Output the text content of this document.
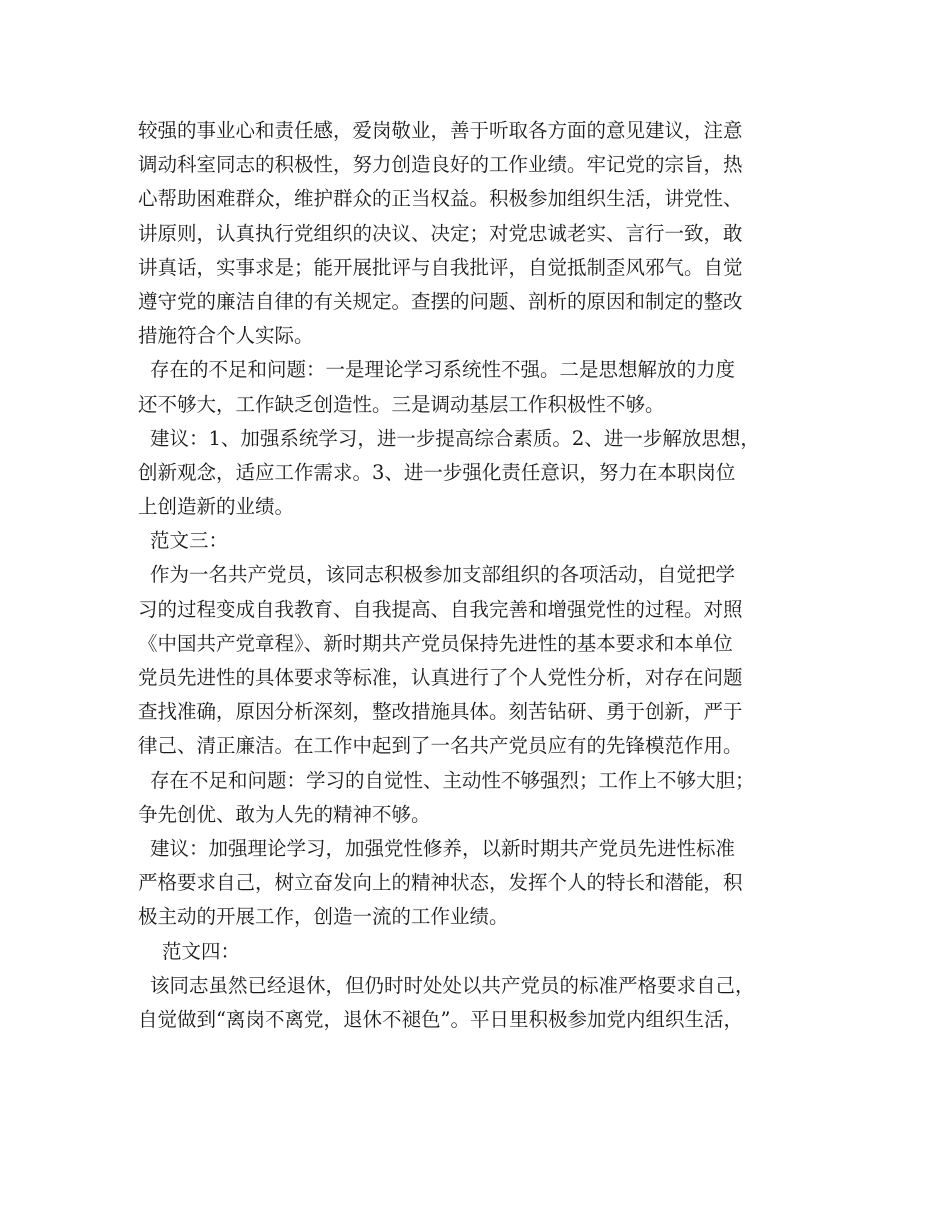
较强的事业心和责任感，爱岗敬业，善于听取各方面的意见建议，注意
调动科室同志的积极性，努力创造良好的工作业绩。牢记党的宗旨，热
心帮助困难群众，维护群众的正当权益。积极参加组织生活，讲党性、
讲原则，认真执行党组织的决议、决定；对党忠诚老实、言行一致，敢
讲真话，实事求是；能开展批评与自我批评，自觉抵制歪风邪气。自觉
遵守党的廉洁自律的有关规定。查摆的问题、剖析的原因和制定的整改
措施符合个人实际。
存在的不足和问题：一是理论学习系统性不强。二是思想解放的力度
还不够大，工作缺乏创造性。三是调动基层工作积极性不够。
建议：1、加强系统学习，进一步提高综合素质。2、进一步解放思想，
创新观念，适应工作需求。3、进一步强化责任意识，努力在本职岗位
上创造新的业绩。
范文三：
作为一名共产党员，该同志积极参加支部组织的各项活动，自觉把学
习的过程变成自我教育、自我提高、自我完善和增强党性的过程。对照
《中国共产党章程》、新时期共产党员保持先进性的基本要求和本单位
党员先进性的具体要求等标准，认真进行了个人党性分析，对存在问题
查找准确，原因分析深刻，整改措施具体。刻苦钻研、勇于创新，严于
律己、清正廉洁。在工作中起到了一名共产党员应有的先锋模范作用。
存在不足和问题：学习的自觉性、主动性不够强烈；工作上不够大胆；
争先创优、敢为人先的精神不够。
建议：加强理论学习，加强党性修养，以新时期共产党员先进性标准
严格要求自己，树立奋发向上的精神状态，发挥个人的特长和潜能，积
极主动的开展工作，创造一流的工作业绩。
范文四：
该同志虽然已经退休，但仍时时处处以共产党员的标准严格要求自己，
自觉做到“离岗不离党，退休不褪色”。平日里积极参加党内组织生活，
